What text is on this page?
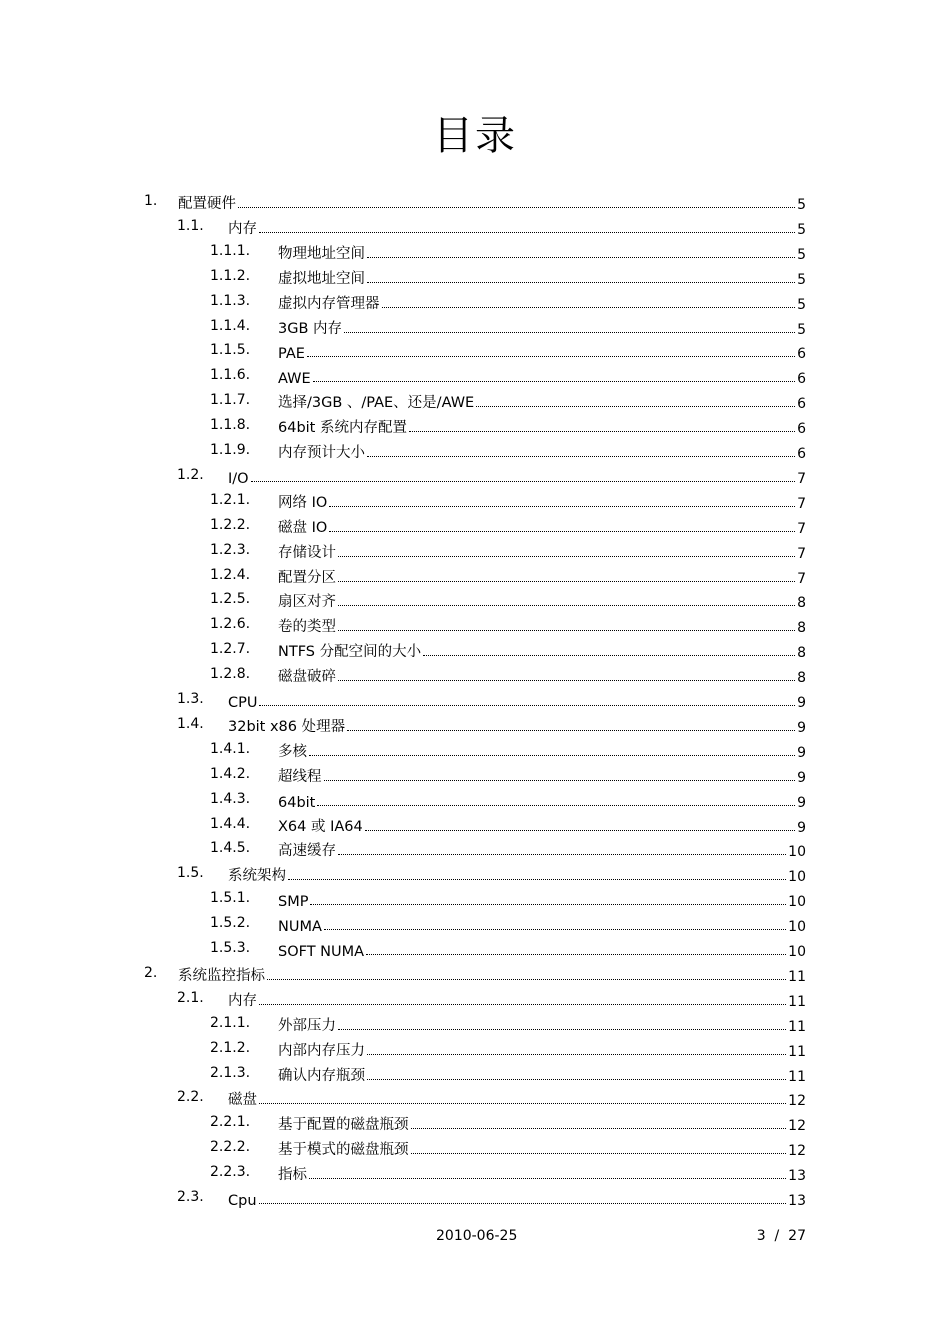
目录
1. 配置硬件	5
1.1. 内存	5
1.1.1. 物理地址空间	5
1.1.2. 虚拟地址空间	5
1.1.3. 虚拟内存管理器	5
1.1.4. 3GB 内存	5
1.1.5. PAE	6
1.1.6. AWE	6
1.1.7. 选择/3GB 、/PAE、还是/AWE	6
1.1.8. 64bit 系统内存配置	6
1.1.9. 内存预计大小	6
1.2. I/O	7
1.2.1. 网络 IO	7
1.2.2. 磁盘 IO	7
1.2.3. 存储设计	7
1.2.4. 配置分区	7
1.2.5. 扇区对齐	8
1.2.6. 卷的类型	8
1.2.7. NTFS 分配空间的大小	8
1.2.8. 磁盘破碎	8
1.3. CPU	9
1.4. 32bit x86 处理器	9
1.4.1. 多核	9
1.4.2. 超线程	9
1.4.3. 64bit	9
1.4.4. X64 或 IA64	9
1.4.5. 高速缓存	10
1.5. 系统架构	10
1.5.1. SMP	10
1.5.2. NUMA	10
1.5.3. SOFT NUMA	10
2. 系统监控指标	11
2.1. 内存	11
2.1.1. 外部压力	11
2.1.2. 内部内存压力	11
2.1.3. 确认内存瓶颈	11
2.2. 磁盘	12
2.2.1. 基于配置的磁盘瓶颈	12
2.2.2. 基于模式的磁盘瓶颈	12
2.2.3. 指标	13
2.3. Cpu	13
2010-06-25	3  /  27
